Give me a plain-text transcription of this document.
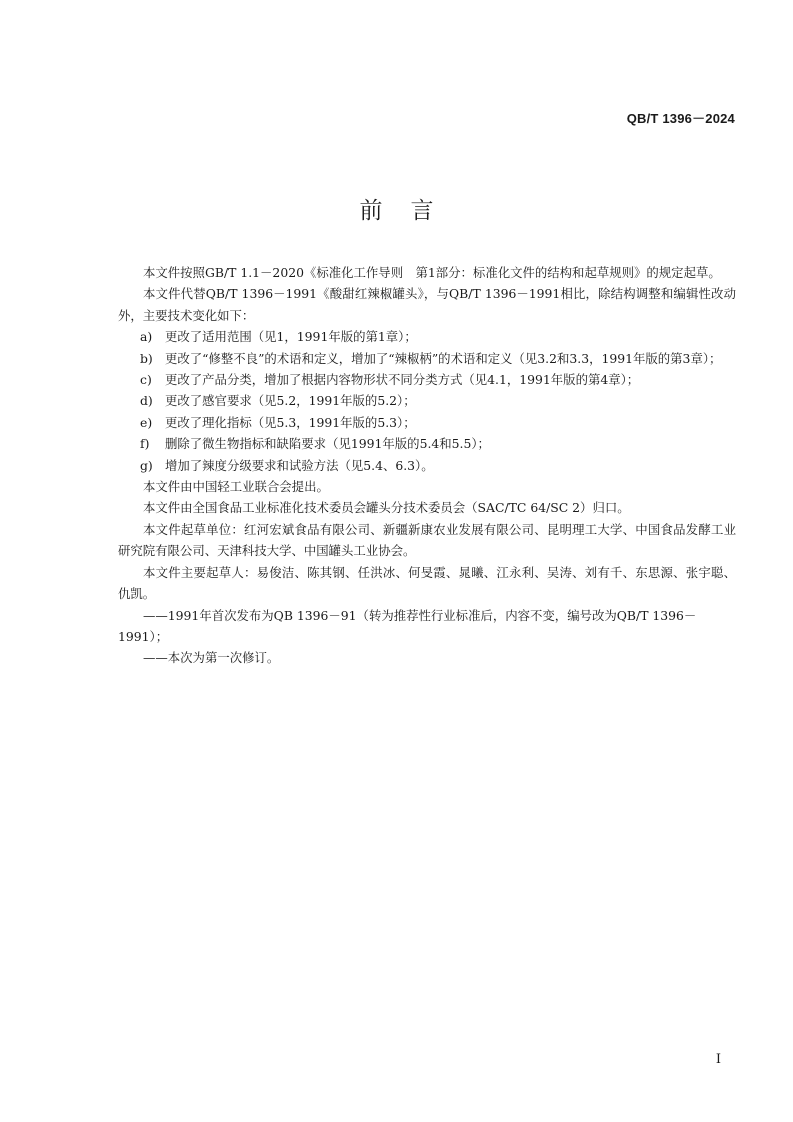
QB/T 1396－2024
前 言

本文件按照GB/T 1.1－2020《标准化工作导则　第1部分：标准化文件的结构和起草规则》的规定起草。

本文件代替QB/T 1396－1991《酸甜红辣椒罐头》，与QB/T 1396－1991相比，除结构调整和编辑性改动外，主要技术变化如下：

a)	更改了适用范围（见1，1991年版的第1章）；
b) 更改了“修整不良”的术语和定义，增加了“辣椒柄”的术语和定义（见3.2和3.3，1991年版的第3章）；
c)	更改了产品分类，增加了根据内容物形状不同分类方式（见4.1，1991年版的第4章）；
d) 更改了感官要求（见5.2，1991年版的5.2）；
e)	更改了理化指标（见5.3，1991年版的5.3）；
f)	删除了微生物指标和缺陷要求（见1991年版的5.4和5.5）；
g) 增加了辣度分级要求和试验方法（见5.4、6.3）。

本文件由中国轻工业联合会提出。

本文件由全国食品工业标准化技术委员会罐头分技术委员会（SAC/TC 64/SC 2）归口。

本文件起草单位：红河宏斌食品有限公司、新疆新康农业发展有限公司、昆明理工大学、中国食品发酵工业研究院有限公司、天津科技大学、中国罐头工业协会。

本文件主要起草人：易俊洁、陈其钢、任洪冰、何旻霞、晁曦、江永利、吴涛、刘有千、东思源、张宇聪、仇凯。

——1991年首次发布为QB 1396－91（转为推荐性行业标准后，内容不变，编号改为QB/T 1396－1991）；

——本次为第一次修订。

I
